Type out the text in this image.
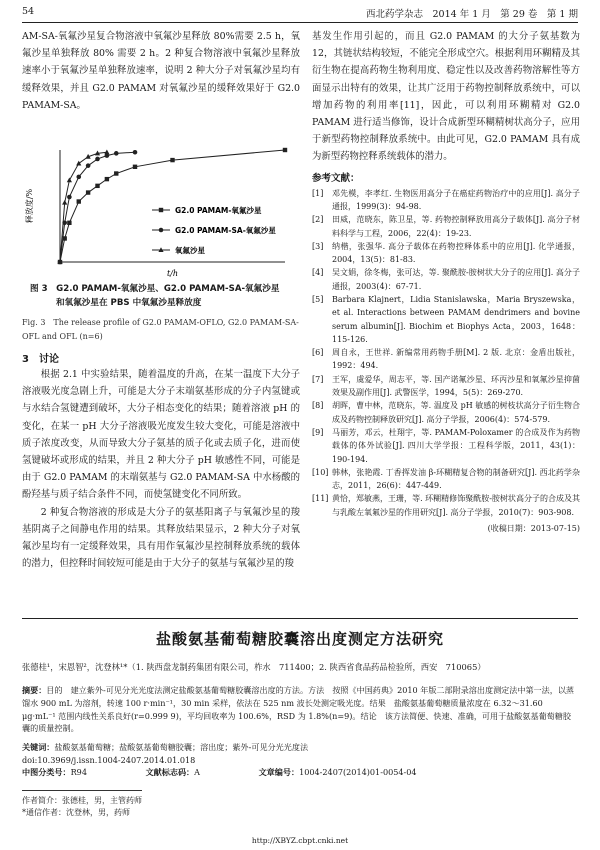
54	西北药学杂志　2014 年 1 月　第 29 卷　第 1 期

AM-SA-氧氟沙星复合物溶液中氧氟沙星释放 80%需要 2.5 h，氧氟沙星单独释放 80% 需要 2 h。2 种复合物溶液中氧氟沙星释放速率小于氧氟沙星单独释放速率，说明 2 种大分子对氧氟沙星均有缓释效果，并且 G2.0 PAMAM 对氧氟沙星的缓释效果好于 G2.0 PAMAM-SA。

释放度/%
t/h
G2.0 PAMAM-氧氟沙星
G2.0 PAMAM-SA-氧氟沙星
氧氟沙星
图 3　G2.0 PAMAM-氧氟沙星、G2.0 PAMAM-SA-氧氟沙星
和氧氟沙星在 PBS 中氧氟沙星释放度
Fig. 3　The release profile of G2.0 PAMAM-OFLO, G2.0 PAMAM-SA-OFL and OFL (n=6)
3　讨论

根据 2.1 中实验结果，随着温度的升高，在某一温度下大分子溶液吸光度急剧上升，可能是大分子末端氨基形成的分子内氢键或与水结合氢键遭到破坏，大分子相态变化的结果；随着溶液 pH 的变化，在某一 pH 大分子溶液吸光度发生较大变化，可能是溶液中质子浓度改变，从而导致大分子氨基的质子化或去质子化，进而使氢键破坏或形成的结果，并且 2 种大分子 pH 敏感性不同，可能是由于 G2.0 PAMAM 的末端氨基与 G2.0 PAMAM-SA 中水杨酸的酚羟基与质子结合条件不同，而使氢键变化不同所致。

2 种复合物溶液的形成是大分子的氨基阳离子与氧氟沙星的羧基阴离子之间静电作用的结果。其释放结果显示，2 种大分子对氧氟沙星均有一定缓释效果，具有用作氧氟沙星控制释放系统的载体的潜力，但控释时间较短可能是由于大分子的氨基与氧氟沙星的羧

基发生作用引起的，而且 G2.0 PAMAM 的大分子氨基数为 12，其链状结构较短，不能完全形成空穴。根据利用环糊精及其衍生物在提高药物生物利用度、稳定性以及改善药物溶解性等方面显示出特有的效果，让其广泛用于药物控制释放系统中，可以增加药物的利用率[11]，因此，可以利用环糊精对 G2.0 PAMAM 进行适当修饰，设计合成新型环糊精树状高分子，应用于新型药物控制释放系统中。由此可见，G2.0 PAMAM 具有成为新型药物控释系统载体的潜力。

参考文献：
[1]	邓先模，李孝红. 生物医用高分子在癌症药物治疗中的应用[J]. 高分子通报，1999(3)：94-98.
[2]	田威，范晓东，陈卫星，等. 药物控制释放用高分子载体[J]. 高分子材料科学与工程，2006，22(4)：19-23.
[3]	纳楷，张强华. 高分子载体在药物控释体系中的应用[J]. 化学通报，2004，13(5)：81-83.
[4]	吴文娟，徐冬梅，张可达，等. 聚酰胺-胺树状大分子的应用[J]. 高分子通报，2003(4)：67-71.
[5]	Barbara Klajnert，Lidia Stanislawska，Maria Bryszewska，et al. Interactions between PAMAM dendrimers and bovine serum albumin[J]. Biochim et Biophys Acta，2003，1648：115-126.
[6]	周自永，王世祥. 新编常用药物手册[M]. 2 版. 北京：金盾出版社，1992：494.
[7]	王军，虞爱华，周志平，等. 国产诺氟沙星、环丙沙星和氧氟沙星抑菌效果及副作用[J]. 武警医学，1994，5(5)：269-270.
[8]	胡晖，曹中林，范晓东，等. 温度及 pH 敏感的树枝状高分子衍生物合成及药物控制释放研究[J]. 高分子学报，2006(4)：574-579.
[9]	马丽芳，邓云，杜翔宇，等. PAMAM-Poloxamer 的合成及作为药物载体的体外试验[J]. 四川大学学报：工程科学版，2011，43(1)：190-194.
[10] 韩林，张艳霞. 丁香挥发油 β-环糊精复合物的制备研究[J]. 西北药学杂志，2011，26(6)：447-449.
[11] 黄恰，郑敏燕，王珊，等. 环糊精修饰聚酰胺-胺树状高分子的合成及其与乳酸左氧氟沙星的作用研究[J]. 高分子学报，2010(7)：903-908.
(收稿日期：2013-07-15)
盐酸氨基葡萄糖胶囊溶出度测定方法研究
张德桂¹，宋恩智²，沈登林¹*（1. 陕西盘龙制药集团有限公司，柞水　711400；2. 陕西省食品药品检验所，西安　710065）
摘要：目的　建立紫外-可见分光光度法测定盐酸氨基葡萄糖胶囊溶出度的方法。方法　按照《中国药典》2010 年版二部附录溶出度测定法中第一法，以蒸馏水 900 mL 为溶剂，转速 100 r·min⁻¹，30 min 采样，依法在 525 nm 波长处测定吸光度。结果　盐酸氨基葡萄糖质量浓度在 6.32～31.60 μg·mL⁻¹ 范围内线性关系良好(r=0.999 9)，平均回收率为 100.6%，RSD 为 1.8%(n=9)。结论　该方法简便、快速、准确，可用于盐酸氨基葡萄糖胶囊的质量控制。
关键词：盐酸氨基葡萄糖；盐酸氨基葡萄糖胶囊；溶出度；紫外-可见分光光度法
doi:10.3969/j.issn.1004-2407.2014.01.018
中图分类号：R94	文献标志码：A	文章编号：1004-2407(2014)01-0054-04
作者简介：张德桂，男，主管药师
*通信作者：沈登林，男，药师
http://XBYZ.cbpt.cnki.net
